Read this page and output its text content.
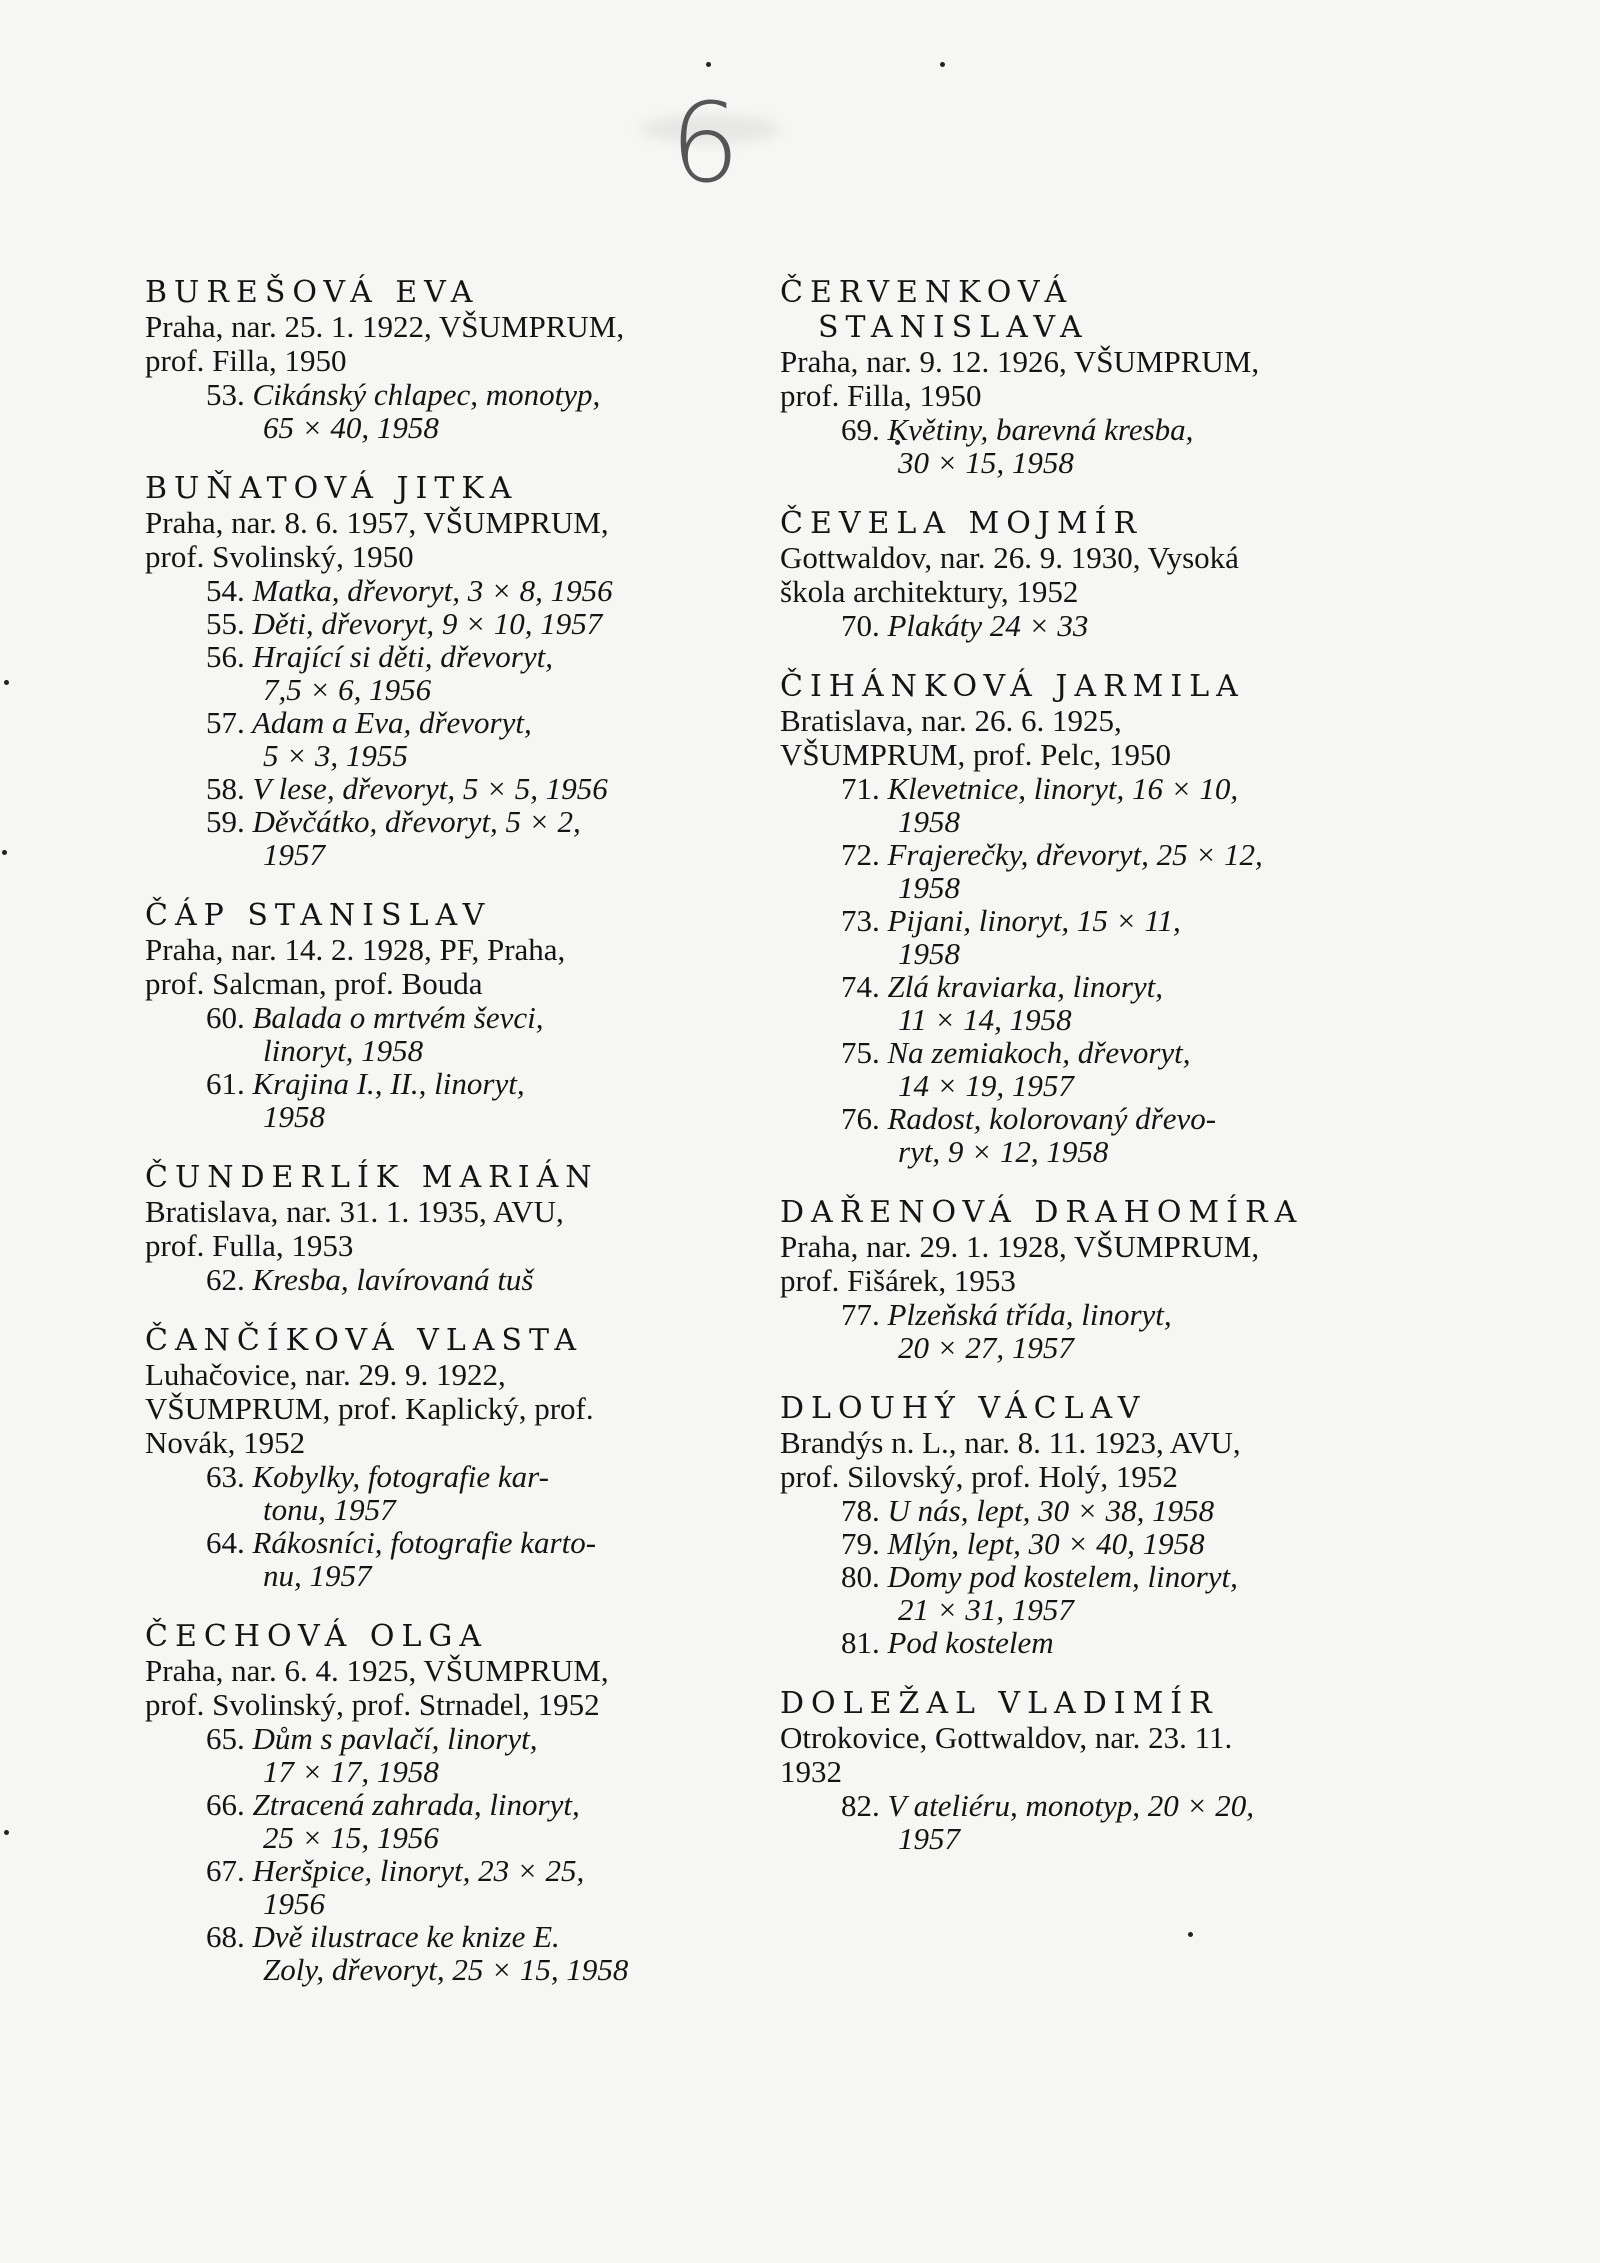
6
BUREŠOVÁ EVA
Praha, nar. 25. 1. 1922, VŠUMPRUM,
prof. Filla, 1950
53. Cikánský chlapec, monotyp,
65 × 40, 1958
BUŇATOVÁ JITKA
Praha, nar. 8. 6. 1957, VŠUMPRUM,
prof. Svolinský, 1950
54. Matka, dřevoryt, 3 × 8, 1956
55. Děti, dřevoryt, 9 × 10, 1957
56. Hrající si děti, dřevoryt,
7,5 × 6, 1956
57. Adam a Eva, dřevoryt,
5 × 3, 1955
58. V lese, dřevoryt, 5 × 5, 1956
59. Děvčátko, dřevoryt, 5 × 2,
1957
ČÁP STANISLAV
Praha, nar. 14. 2. 1928, PF, Praha,
prof. Salcman, prof. Bouda
60. Balada o mrtvém ševci,
linoryt, 1958
61. Krajina I., II., linoryt,
1958
ČUNDERLÍK MARIÁN
Bratislava, nar. 31. 1. 1935, AVU,
prof. Fulla, 1953
62. Kresba, lavírovaná tuš
ČANČÍKOVÁ VLASTA
Luhačovice, nar. 29. 9. 1922,
VŠUMPRUM, prof. Kaplický, prof.
Novák, 1952
63. Kobylky, fotografie kar-
tonu, 1957
64. Rákosníci, fotografie karto-
nu, 1957
ČECHOVÁ OLGA
Praha, nar. 6. 4. 1925, VŠUMPRUM,
prof. Svolinský, prof. Strnadel, 1952
65. Dům s pavlačí, linoryt,
17 × 17, 1958
66. Ztracená zahrada, linoryt,
25 × 15, 1956
67. Heršpice, linoryt, 23 × 25,
1956
68. Dvě ilustrace ke knize E.
Zoly, dřevoryt, 25 × 15, 1958
ČERVENKOVÁ
STANISLAVA
Praha, nar. 9. 12. 1926, VŠUMPRUM,
prof. Filla, 1950
69. Květiny, barevná kresba,
30 × 15, 1958
ČEVELA MOJMÍR
Gottwaldov, nar. 26. 9. 1930, Vysoká
škola architektury, 1952
70. Plakáty 24 × 33
ČIHÁNKOVÁ JARMILA
Bratislava, nar. 26. 6. 1925,
VŠUMPRUM, prof. Pelc, 1950
71. Klevetnice, linoryt, 16 × 10,
1958
72. Frajerečky, dřevoryt, 25 × 12,
1958
73. Pijani, linoryt, 15 × 11,
1958
74. Zlá kraviarka, linoryt,
11 × 14, 1958
75. Na zemiakoch, dřevoryt,
14 × 19, 1957
76. Radost, kolorovaný dřevo-
ryt, 9 × 12, 1958
DAŘENOVÁ DRAHOMÍRA
Praha, nar. 29. 1. 1928, VŠUMPRUM,
prof. Fišárek, 1953
77. Plzeňská třída, linoryt,
20 × 27, 1957
DLOUHÝ VÁCLAV
Brandýs n. L., nar. 8. 11. 1923, AVU,
prof. Silovský, prof. Holý, 1952
78. U nás, lept, 30 × 38, 1958
79. Mlýn, lept, 30 × 40, 1958
80. Domy pod kostelem, linoryt,
21 × 31, 1957
81. Pod kostelem
DOLEŽAL VLADIMÍR
Otrokovice, Gottwaldov, nar. 23. 11.
1932
82. V ateliéru, monotyp, 20 × 20,
1957
